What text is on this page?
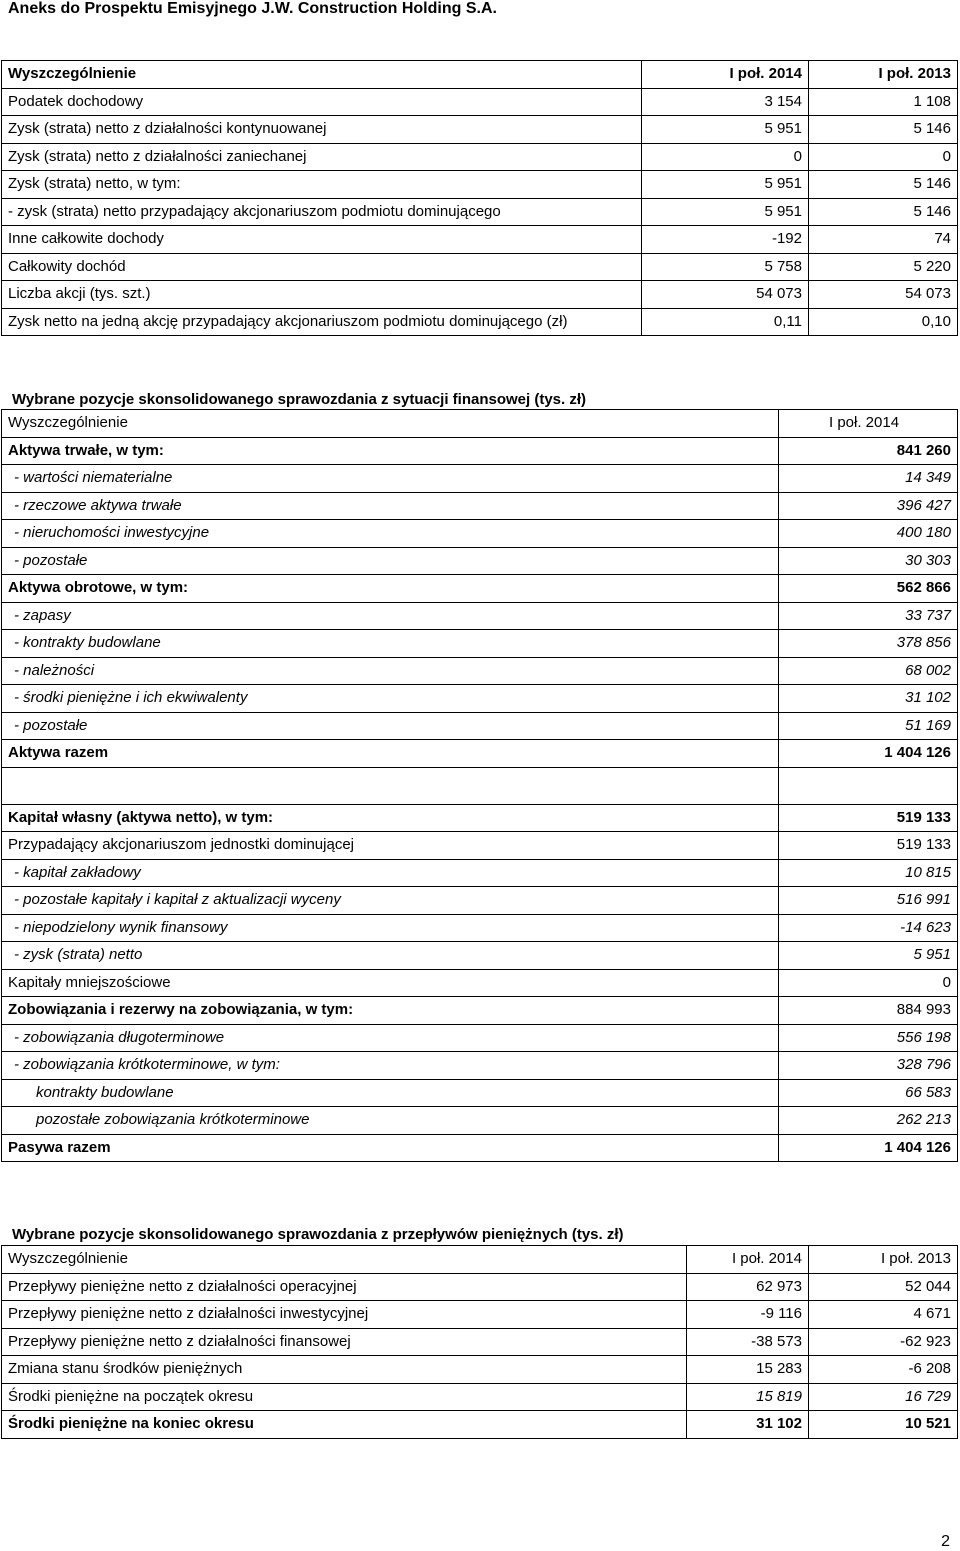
Aneks do Prospektu Emisyjnego J.W. Construction Holding S.A.
Wyszczególnienie	I poł. 2014	I poł. 2013
Podatek dochodowy	3 154	1 108
Zysk (strata) netto z działalności kontynuowanej	5 951	5 146
Zysk (strata) netto z działalności zaniechanej	0	0
Zysk (strata) netto, w tym:	5 951	5 146
- zysk (strata) netto przypadający akcjonariuszom podmiotu dominującego	5 951	5 146
Inne całkowite dochody	-192	74
Całkowity dochód	5 758	5 220
Liczba akcji (tys. szt.)	54 073	54 073
Zysk netto na jedną akcję przypadający akcjonariuszom podmiotu dominującego (zł)	0,11	0,10
Wybrane pozycje skonsolidowanego sprawozdania z sytuacji finansowej (tys. zł)
Wyszczególnienie	I poł. 2014
Aktywa trwałe, w tym:	841 260
- wartości niematerialne	14 349
- rzeczowe aktywa trwałe	396 427
- nieruchomości inwestycyjne	400 180
- pozostałe	30 303
Aktywa obrotowe, w tym:	562 866
- zapasy	33 737
- kontrakty budowlane	378 856
- należności	68 002
- środki pieniężne i ich ekwiwalenty	31 102
- pozostałe	51 169
Aktywa razem	1 404 126

Kapitał własny (aktywa netto), w tym:	519 133
Przypadający akcjonariuszom jednostki dominującej	519 133
- kapitał zakładowy	10 815
- pozostałe kapitały i kapitał z aktualizacji wyceny	516 991
- niepodzielony wynik finansowy	-14 623
- zysk (strata) netto	5 951
Kapitały mniejszościowe	0
Zobowiązania i rezerwy na zobowiązania, w tym:	884 993
- zobowiązania długoterminowe	556 198
- zobowiązania krótkoterminowe, w tym:	328 796
kontrakty budowlane	66 583
pozostałe zobowiązania krótkoterminowe	262 213
Pasywa razem	1 404 126
Wybrane pozycje skonsolidowanego sprawozdania z przepływów pieniężnych (tys. zł)
Wyszczególnienie	I poł. 2014	I poł. 2013
Przepływy pieniężne netto z działalności operacyjnej	62 973	52 044
Przepływy pieniężne netto z działalności inwestycyjnej	-9 116	4 671
Przepływy pieniężne netto z działalności finansowej	-38 573	-62 923
Zmiana stanu środków pieniężnych	15 283	-6 208
Środki pieniężne na początek okresu	15 819	16 729
Środki pieniężne na koniec okresu	31 102	10 521
2
